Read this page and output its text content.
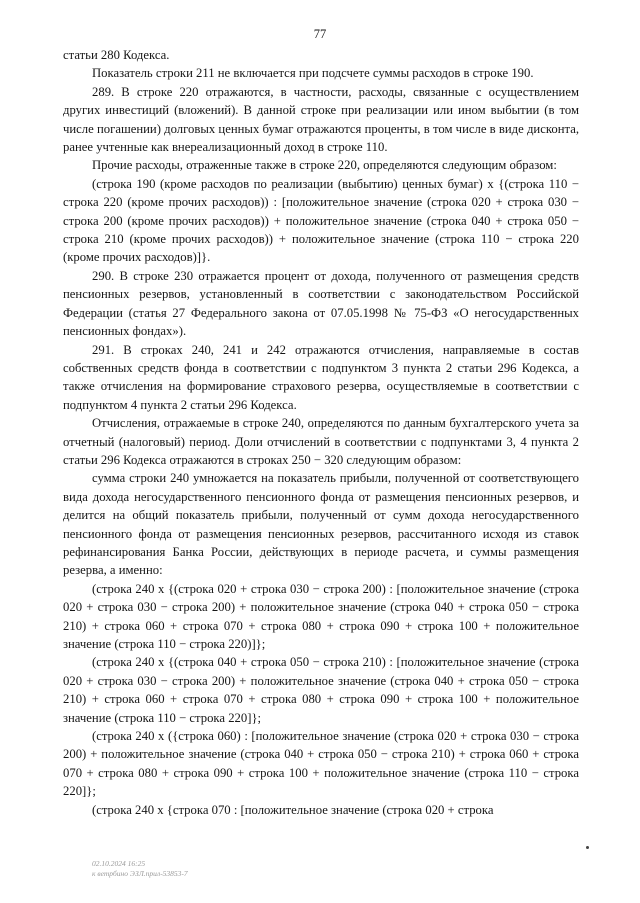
77

статьи 280 Кодекса.

Показатель строки 211 не включается при подсчете суммы расходов в строке 190.

289. В строке 220 отражаются, в частности, расходы, связанные с осуществлением других инвестиций (вложений). В данной строке при реализации или ином выбытии (в том числе погашении) долговых ценных бумаг отражаются проценты, в том числе в виде дисконта, ранее учтенные как внереализационный доход в строке 110.

Прочие расходы, отраженные также в строке 220, определяются следующим образом:

(строка 190 (кроме расходов по реализации (выбытию) ценных бумаг) x {(строка 110 − строка 220 (кроме прочих расходов)) : [положительное значение (строка 020 + строка 030 − строка 200 (кроме прочих расходов)) + положительное значение (строка 040 + строка 050 − строка 210 (кроме прочих расходов)) + положительное значение (строка 110 − строка 220 (кроме прочих расходов)]}.

290. В строке 230 отражается процент от дохода, полученного от размещения средств пенсионных резервов, установленный в соответствии с законодательством Российской Федерации (статья 27 Федерального закона от 07.05.1998 № 75-ФЗ «О негосударственных пенсионных фондах»).

291. В строках 240, 241 и 242 отражаются отчисления, направляемые в состав собственных средств фонда в соответствии с подпунктом 3 пункта 2 статьи 296 Кодекса, а также отчисления на формирование страхового резерва, осуществляемые в соответствии с подпунктом 4 пункта 2 статьи 296 Кодекса.

Отчисления, отражаемые в строке 240, определяются по данным бухгалтерского учета за отчетный (налоговый) период. Доли отчислений в соответствии с подпунктами 3, 4 пункта 2 статьи 296 Кодекса отражаются в строках 250 − 320 следующим образом:

сумма строки 240 умножается на показатель прибыли, полученной от соответствующего вида дохода негосударственного пенсионного фонда от размещения пенсионных резервов, и делится на общий показатель прибыли, полученный от сумм дохода негосударственного пенсионного фонда от размещения пенсионных резервов, рассчитанного исходя из ставок рефинансирования Банка России, действующих в периоде расчета, и суммы размещения резерва, а именно:

(строка 240 х {(строка 020 + строка 030 − строка 200) : [положительное значение (строка 020 + строка 030 − строка 200) + положительное значение (строка 040 + строка 050 − строка 210) + строка 060 + строка 070 + строка 080 + строка 090 + строка 100 + положительное значение (строка 110 − строка 220)]};

(строка 240 х {(строка 040 + строка 050 − строка 210) : [положительное значение (строка 020 + строка 030 − строка 200) + положительное значение (строка 040 + строка 050 − строка 210) + строка 060 + строка 070 + строка 080 + строка 090 + строка 100 + положительное значение (строка 110 − строка 220]};

(строка 240 х ({строка 060) : [положительное значение (строка 020 + строка 030 − строка 200) + положительное значение (строка 040 + строка 050 − строка 210) + строка 060 + строка 070 + строка 080 + строка 090 + строка 100 + положительное значение (строка 110 − строка 220]};

(строка 240 х {строка 070 : [положительное значение (строка 020 + строка

02.10.2024 16:25
к ветрбино ЭЗЛ.прил-53853-7
